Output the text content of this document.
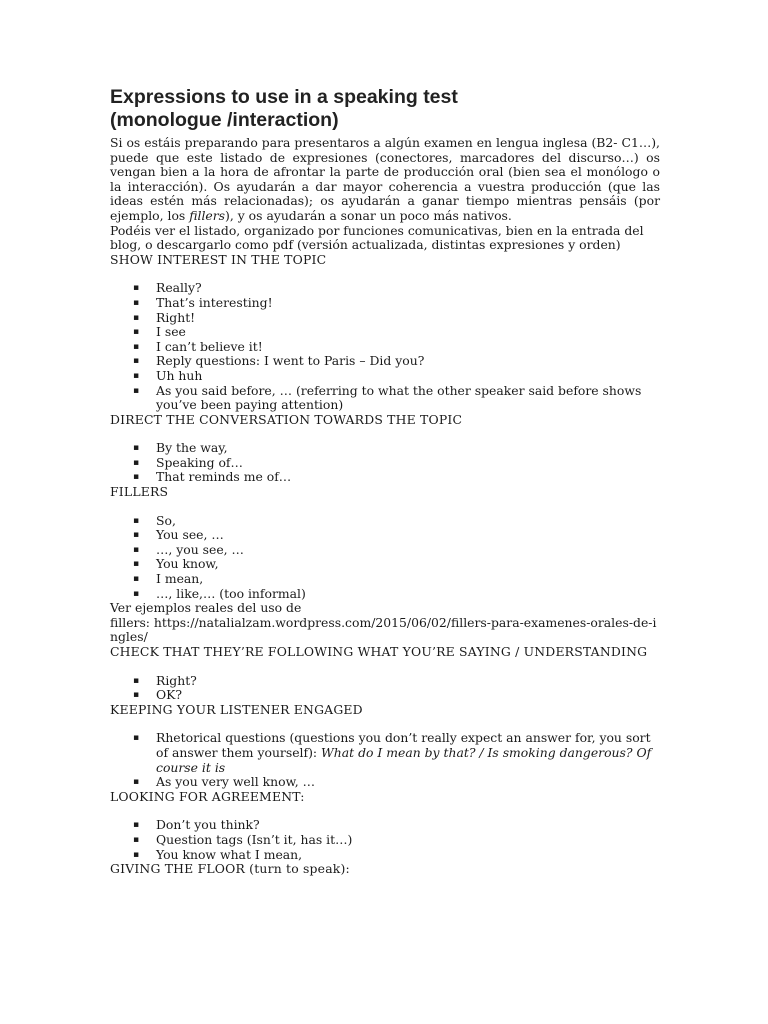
Expressions to use in a speaking test
(monologue /interaction)

Si os estáis preparando para presentaros a algún examen en lengua inglesa (B2- C1…), puede que este listado de expresiones (conectores, marcadores del discurso…) os vengan bien a la hora de afrontar la parte de producción oral (bien sea el monólogo o la interacción). Os ayudarán a dar mayor coherencia a vuestra producción (que las ideas estén más relacionadas); os ayudarán a ganar tiempo mientras pensáis (por ejemplo, los fillers), y os ayudarán a sonar un poco más nativos.

Podéis ver el listado, organizado por funciones comunicativas, bien en la entrada del blog, o descargarlo como pdf (versión actualizada, distintas expresiones y orden)

SHOW INTEREST IN THE TOPIC

▪ Really?
▪ That’s interesting!
▪ Right!
▪ I see
▪ I can’t believe it!
▪ Reply questions: I went to Paris – Did you?
▪ Uh huh
▪ As you said before, … (referring to what the other speaker said before shows you’ve been paying attention)

DIRECT THE CONVERSATION TOWARDS THE TOPIC

▪ By the way,
▪ Speaking of…
▪ That reminds me of…

FILLERS

▪ So,
▪ You see, …
▪ …, you see, …
▪ You know,
▪ I mean,
▪ …, like,… (too informal)

Ver ejemplos reales del uso de

fillers: https://natalialzam.wordpress.com/2015/06/02/fillers-para-examenes-orales-de-ingles/

CHECK THAT THEY’RE FOLLOWING WHAT YOU’RE SAYING / UNDERSTANDING

▪ Right?
▪ OK?

KEEPING YOUR LISTENER ENGAGED

▪ Rhetorical questions (questions you don’t really expect an answer for, you sort of answer them yourself): What do I mean by that? / Is smoking dangerous? Of course it is
▪ As you very well know, …

LOOKING FOR AGREEMENT:

▪ Don’t you think?
▪ Question tags (Isn’t it, has it…)
▪ You know what I mean,

GIVING THE FLOOR (turn to speak):
